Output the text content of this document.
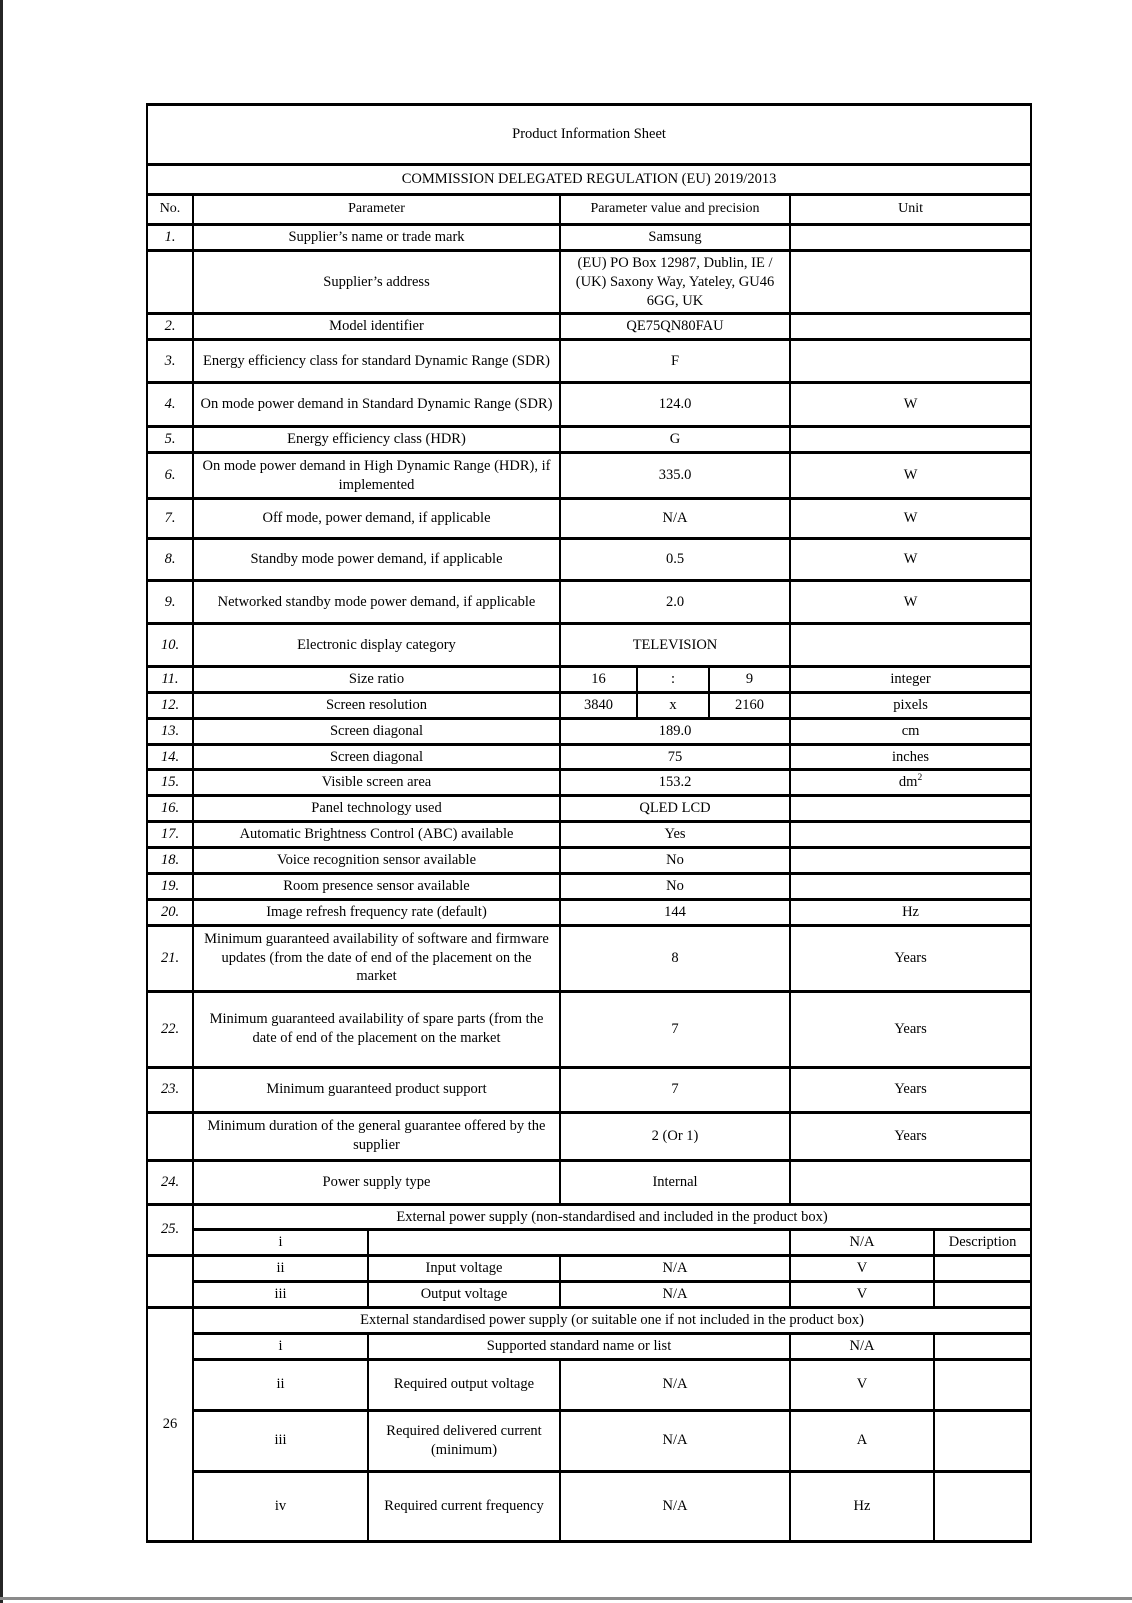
Product Information Sheet							
COMMISSION DELEGATED REGULATION (EU) 2019/2013							
No.	Parameter		Parameter value and precision			Unit	
1.	Supplier’s name or trade mark		Samsung				
	Supplier’s address		(EU) PO Box 12987, Dublin, IE / (UK) Saxony Way, Yateley, GU46 6GG, UK				
2.	Model identifier		QE75QN80FAU				
3.	Energy efficiency class for standard Dynamic Range (SDR)		F				
4.	On mode power demand in Standard Dynamic Range (SDR)		124.0			W	
5.	Energy efficiency class (HDR)		G				
6.	On mode power demand in High Dynamic Range (HDR), if implemented		335.0			W	
7.	Off mode, power demand, if applicable		N/A			W	
8.	Standby mode power demand, if applicable		0.5			W	
9.	Networked standby mode power demand, if applicable		2.0			W	
10.	Electronic display category		TELEVISION				
11.	Size ratio		16	:	9	integer	
12.	Screen resolution		3840	x	2160	pixels	
13.	Screen diagonal		189.0			cm	
14.	Screen diagonal		75			inches	
15.	Visible screen area		153.2			$dm^2$
16.	Panel technology used		QLED LCD				
17.	Automatic Brightness Control (ABC) available		Yes				
18.	Voice recognition sensor available		No				
19.	Room presence sensor available		No				
20.	Image refresh frequency rate (default)		144			Hz	
21.	Minimum guaranteed availability of software and firmware updates (from the date of end of the placement on the market		8			Years	
22.	Minimum guaranteed availability of spare parts (from the date of end of the placement on the market		7			Years	
23.	Minimum guaranteed product support		7			Years	
	Minimum duration of the general guarantee offered by the supplier		2 (Or 1)			Years	
24.	Power supply type		Internal				
25.	External power supply (non-standardised and included in the product box)						
	i					N/A	Description
	ii	Input voltage	N/A			V	
	iii	Output voltage	N/A			V	
26	External standardised power supply (or suitable one if not included in the product box)						
	i	Supported standard name or list				N/A	
	ii	Required output voltage	N/A			V	
	iii	Required delivered current (minimum)	N/A			A	
	iv	Required current frequency	N/A			Hz	
